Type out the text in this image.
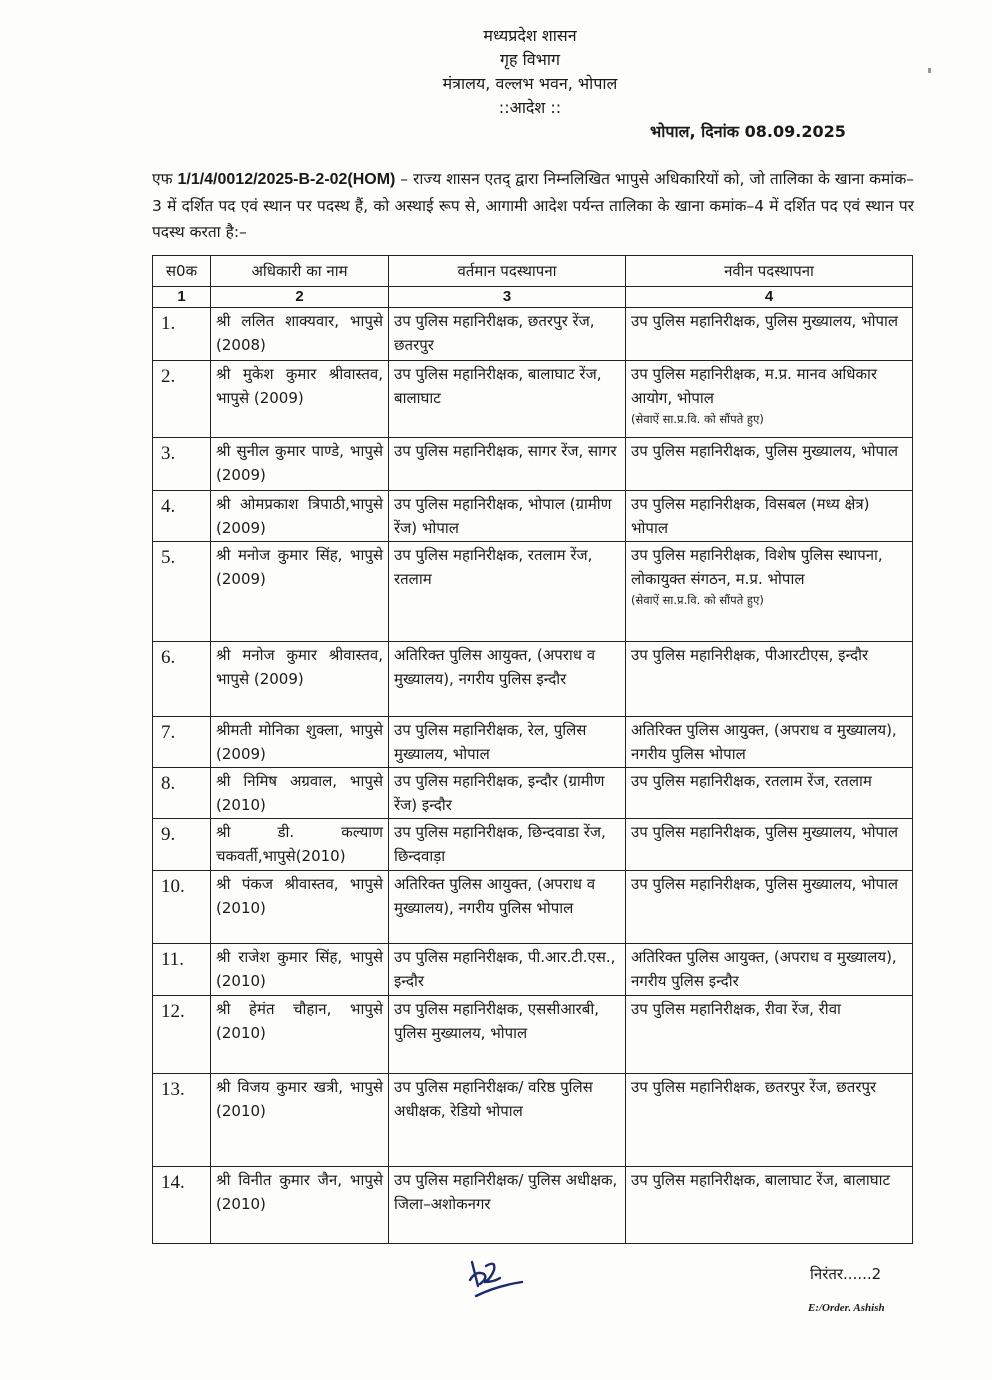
मध्यप्रदेश शासन
गृह विभाग
मंत्रालय, वल्लभ भवन, भोपाल
::आदेश ::
भोपाल, दिनांक 08.09.2025
एफ 1/1/4/0012/2025-B-2-02(HOM) – राज्य शासन एतद् द्वारा निम्नलिखित भापुसे अधिकारियों को, जो तालिका के खाना कमांक–3 में दर्शित पद एवं स्थान पर पदस्थ हैं, को अस्थाई रूप से, आगामी आदेश पर्यन्त तालिका के खाना कमांक–4 में दर्शित पद एवं स्थान पर पदस्थ करता है:–
स0क	अधिकारी का नाम	वर्तमान पदस्थापना	नवीन पदस्थापना
1	2	3	4
1.	श्री ललित शाक्यवार, भापुसे (2008)	उप पुलिस महानिरीक्षक, छतरपुर रेंज, छतरपुर	उप पुलिस महानिरीक्षक, पुलिस मुख्यालय, भोपाल
2.	श्री मुकेश कुमार श्रीवास्तव, भापुसे (2009)	उप पुलिस महानिरीक्षक, बालाघाट रेंज, बालाघाट	उप पुलिस महानिरीक्षक, म.प्र. मानव अधिकार आयोग, भोपाल
(सेवाऐं सा.प्र.वि. को सौंपते हुए)

3.	श्री सुनील कुमार पाण्डे, भापुसे (2009)	उप पुलिस महानिरीक्षक, सागर रेंज, सागर	उप पुलिस महानिरीक्षक, पुलिस मुख्यालय, भोपाल
4.	श्री ओमप्रकाश त्रिपाठी,भापुसे (2009)	उप पुलिस महानिरीक्षक, भोपाल (ग्रामीण रेंज) भोपाल	उप पुलिस महानिरीक्षक, विसबल (मध्य क्षेत्र) भोपाल
5.	श्री मनोज कुमार सिंह, भापुसे (2009)	उप पुलिस महानिरीक्षक, रतलाम रेंज, रतलाम	उप पुलिस महानिरीक्षक, विशेष पुलिस स्थापना, लोकायुक्त संगठन, म.प्र. भोपाल
(सेवाऐं सा.प्र.वि. को सौंपते हुए)

6.	श्री मनोज कुमार श्रीवास्तव, भापुसे (2009)	अतिरिक्त पुलिस आयुक्त, (अपराध व मुख्यालय), नगरीय पुलिस इन्दौर	उप पुलिस महानिरीक्षक, पीआरटीएस, इन्दौर
7.	श्रीमती मोनिका शुक्ला, भापुसे (2009)	उप पुलिस महानिरीक्षक, रेल, पुलिस मुख्यालय, भोपाल	अतिरिक्त पुलिस आयुक्त, (अपराध व मुख्यालय), नगरीय पुलिस भोपाल
8.	श्री निमिष अग्रवाल, भापुसे (2010)	उप पुलिस महानिरीक्षक, इन्दौर (ग्रामीण रेंज) इन्दौर	उप पुलिस महानिरीक्षक, रतलाम रेंज, रतलाम
9.	श्री डी. कल्याण चकवर्ती,भापुसे(2010)	उप पुलिस महानिरीक्षक, छिन्दवाडा रेंज, छिन्दवाड़ा	उप पुलिस महानिरीक्षक, पुलिस मुख्यालय, भोपाल
10.	श्री पंकज श्रीवास्तव, भापुसे (2010)	अतिरिक्त पुलिस आयुक्त, (अपराध व मुख्यालय), नगरीय पुलिस भोपाल	उप पुलिस महानिरीक्षक, पुलिस मुख्यालय, भोपाल
11.	श्री राजेश कुमार सिंह, भापुसे (2010)	उप पुलिस महानिरीक्षक, पी.आर.टी.एस., इन्दौर	अतिरिक्त पुलिस आयुक्त, (अपराध व मुख्यालय), नगरीय पुलिस इन्दौर
12.	श्री हेमंत चौहान, भापुसे (2010)	उप पुलिस महानिरीक्षक, एससीआरबी, पुलिस मुख्यालय, भोपाल	उप पुलिस महानिरीक्षक, रीवा रेंज, रीवा
13.	श्री विजय कुमार खत्री, भापुसे (2010)	उप पुलिस महानिरीक्षक/ वरिष्ठ पुलिस अधीक्षक, रेडियो भोपाल	उप पुलिस महानिरीक्षक, छतरपुर रेंज, छतरपुर
14.	श्री विनीत कुमार जैन, भापुसे (2010)	उप पुलिस महानिरीक्षक/ पुलिस अधीक्षक, जिला–अशोकनगर	उप पुलिस महानिरीक्षक, बालाघाट रेंज, बालाघाट
निरंतर......2
E:/Order. Ashish
